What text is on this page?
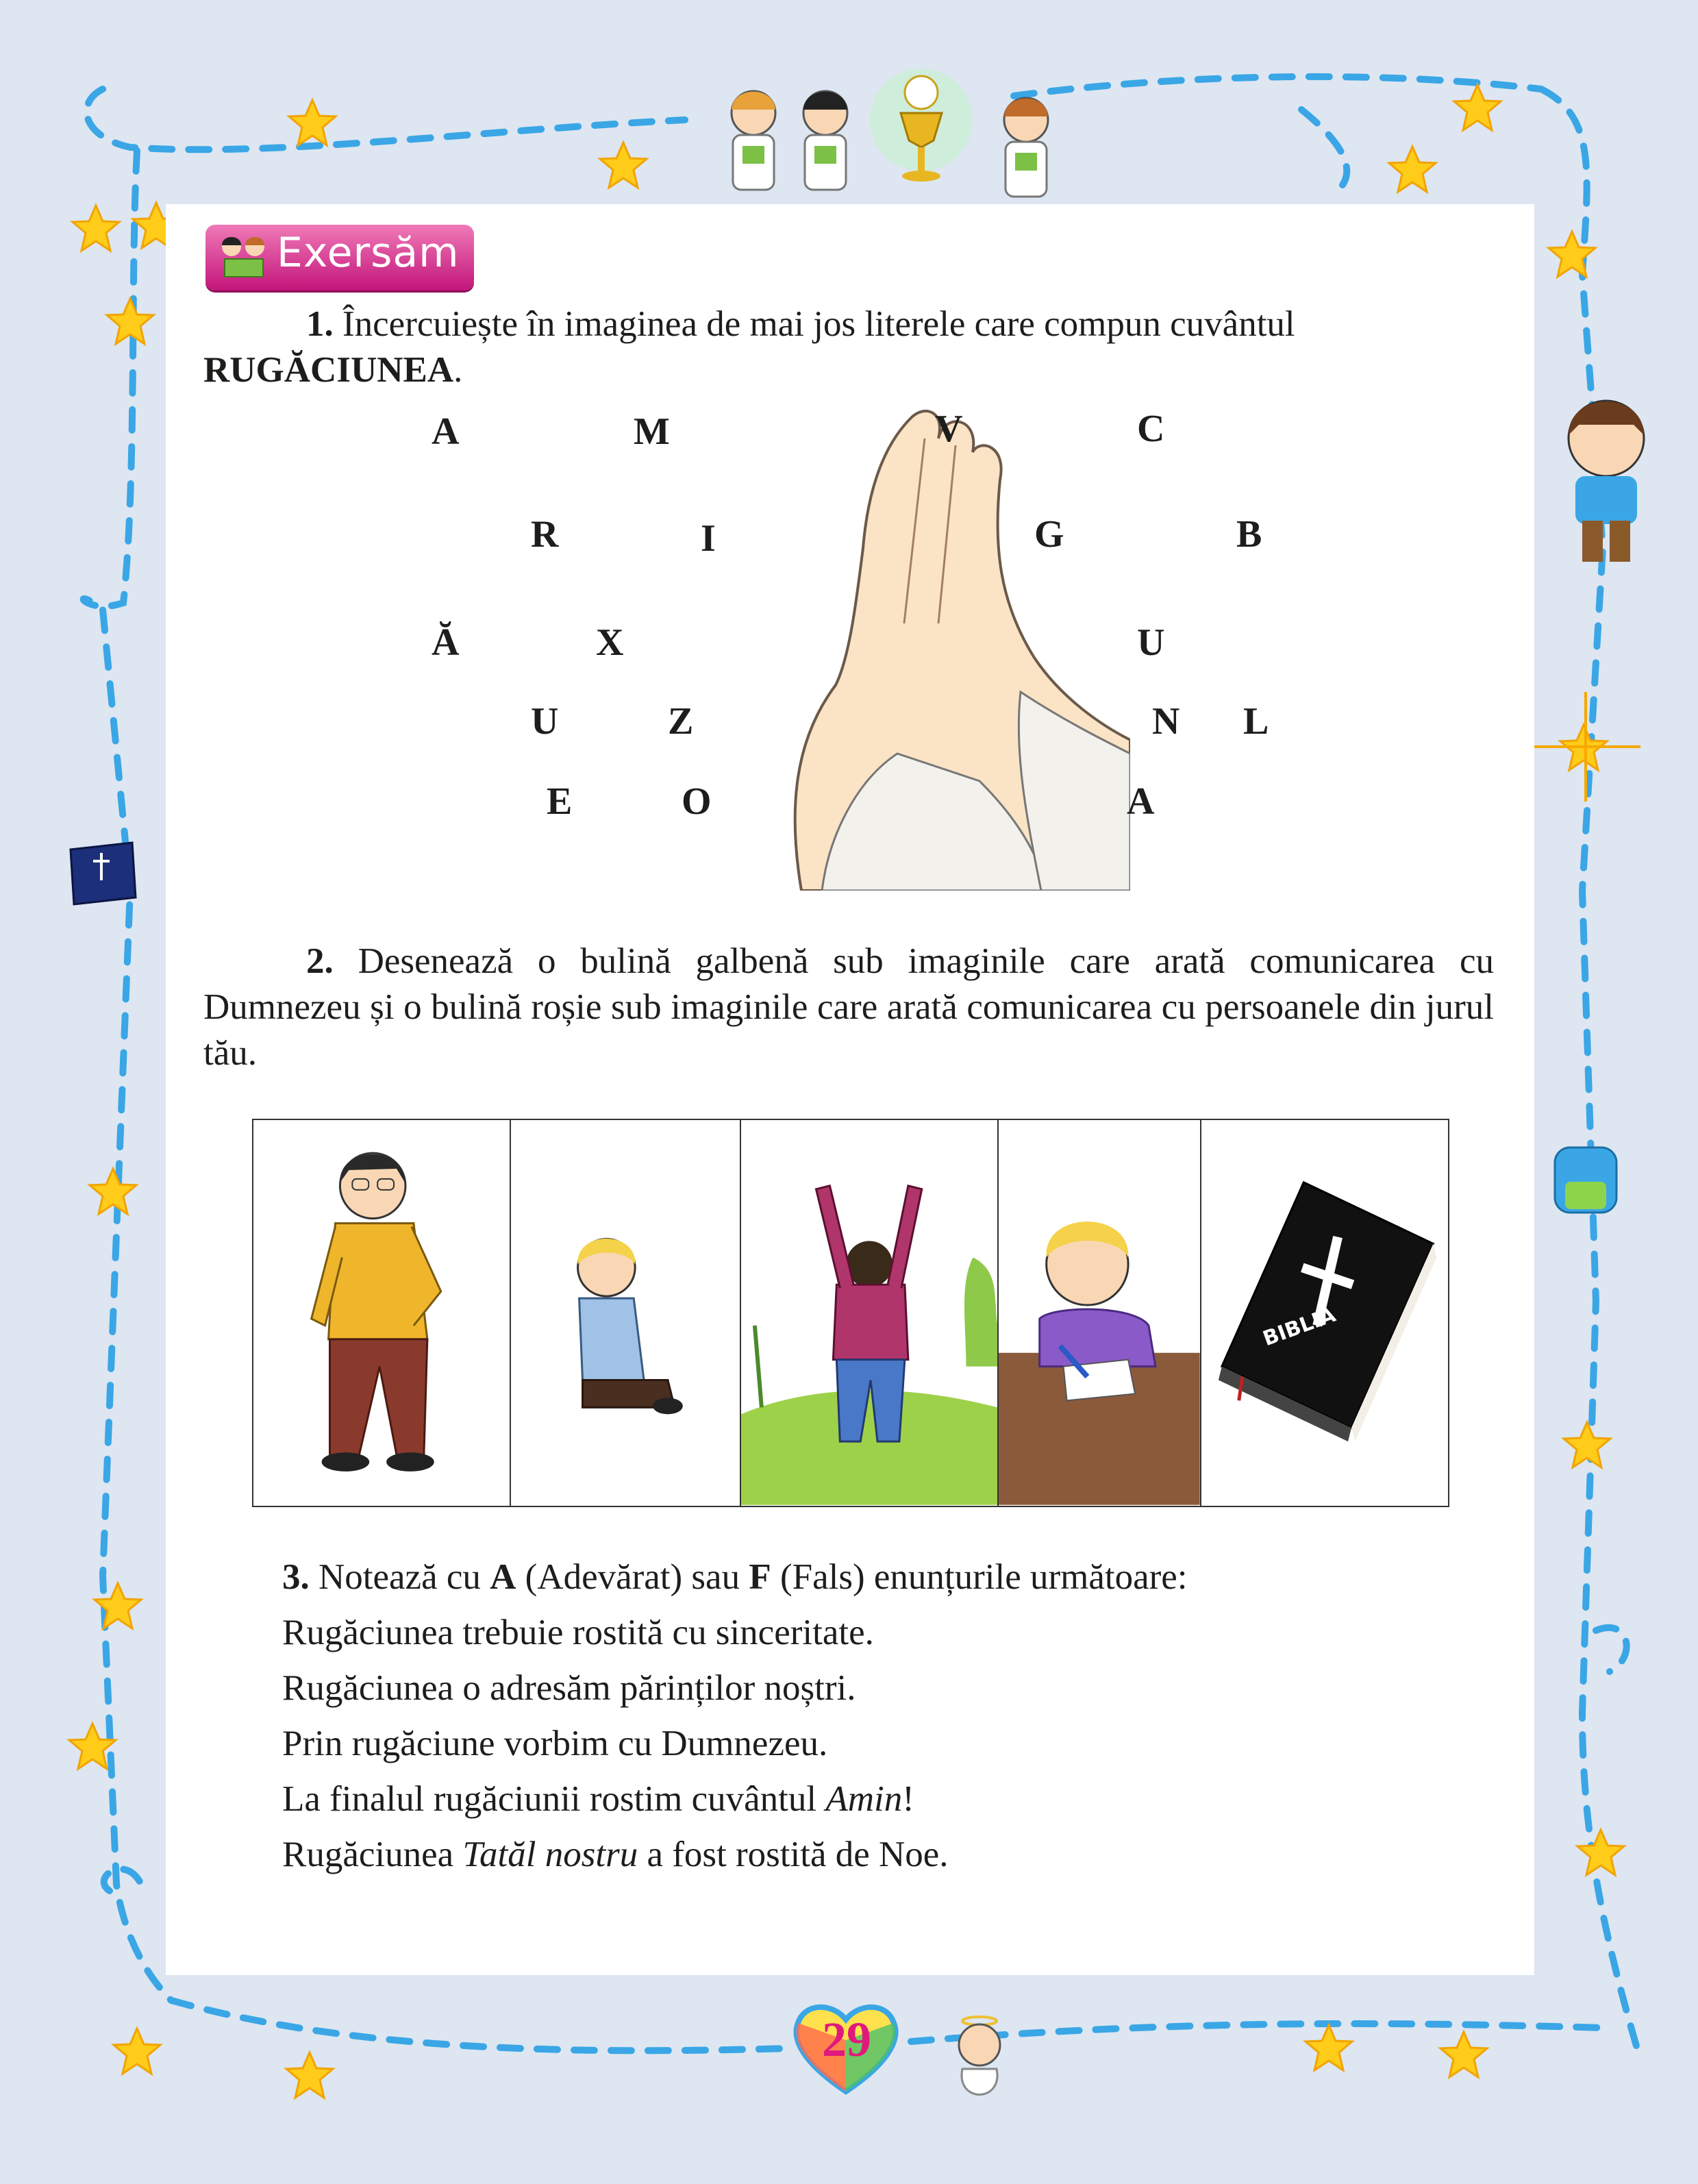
Exersăm
1. Încercuiește în imaginea de mai jos literele care compun cuvântul
RUGĂCIUNEA.
A	M	V	C
R	I	G	B
Ă	X	U
U	Z	N L
E	O	A
2. Desenează o bulină galbenă sub imaginile care arată comunicarea cu Dumnezeu și o bulină roșie sub imaginile care arată comunicarea cu persoanele din jurul tău.
BIBLIA
3. Notează cu A (Adevărat) sau F (Fals) enunțurile următoare:
Rugăciunea trebuie rostită cu sinceritate.
Rugăciunea o adresăm părinților noștri.
Prin rugăciune vorbim cu Dumnezeu.
La finalul rugăciunii rostim cuvântul Amin!
Rugăciunea Tatăl nostru a fost rostită de Noe.
29
